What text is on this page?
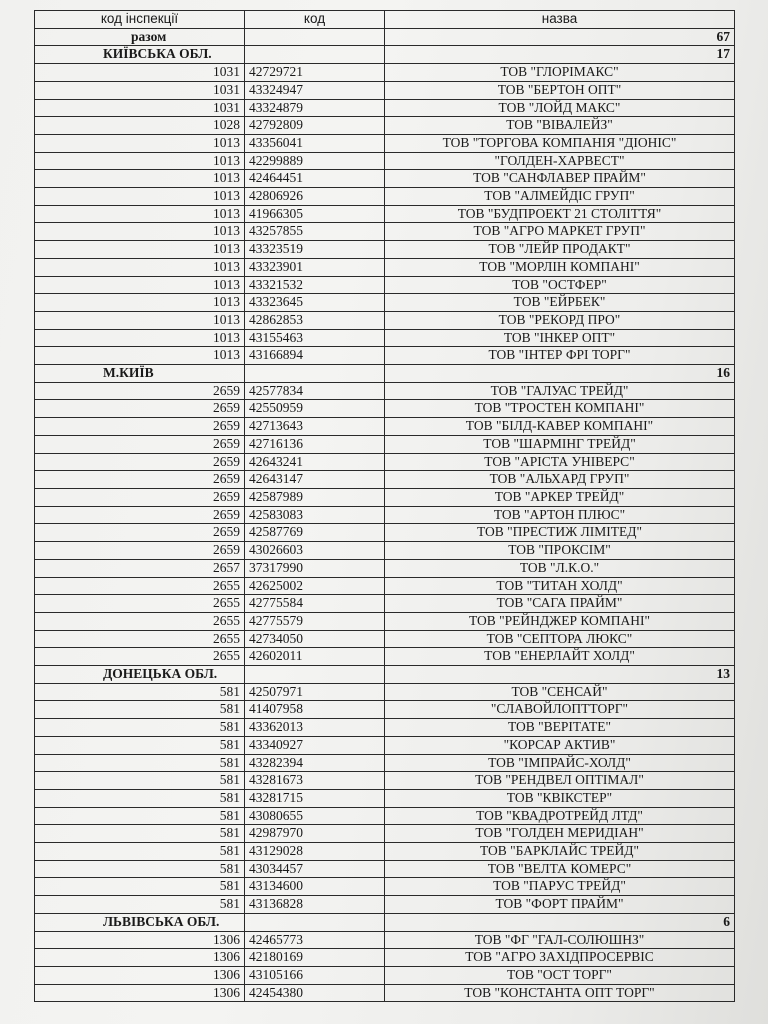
код інспекції	код	назва
разом		67
КИЇВСЬКА ОБЛ.		17
1031	42729721	ТОВ "ГЛОРІМАКС"
1031	43324947	ТОВ "БЕРТОН ОПТ"
1031	43324879	ТОВ "ЛОЙД МАКС"
1028	42792809	ТОВ "ВІВАЛЕЙЗ"
1013	43356041	ТОВ "ТОРГОВА КОМПАНІЯ "ДІОНІС"
1013	42299889	"ГОЛДЕН-ХАРВЕСТ"
1013	42464451	ТОВ "САНФЛАВЕР ПРАЙМ"
1013	42806926	ТОВ "АЛМЕЙДІС ГРУП"
1013	41966305	ТОВ "БУДПРОЕКТ 21 СТОЛІТТЯ"
1013	43257855	ТОВ "АГРО МАРКЕТ ГРУП"
1013	43323519	ТОВ "ЛЕЙР ПРОДАКТ"
1013	43323901	ТОВ "МОРЛІН КОМПАНІ"
1013	43321532	ТОВ "ОСТФЕР"
1013	43323645	ТОВ "ЕЙРБЕК"
1013	42862853	ТОВ "РЕКОРД ПРО"
1013	43155463	ТОВ "ІНКЕР ОПТ"
1013	43166894	ТОВ "ІНТЕР ФРІ ТОРГ"
М.КИЇВ		16
2659	42577834	ТОВ "ГАЛУАС ТРЕЙД"
2659	42550959	ТОВ "ТРОСТЕН КОМПАНІ"
2659	42713643	ТОВ "БІЛД-КАВЕР КОМПАНІ"
2659	42716136	ТОВ "ШАРМІНГ ТРЕЙД"
2659	42643241	ТОВ "АРІСТА УНІВЕРС"
2659	42643147	ТОВ "АЛЬХАРД ГРУП"
2659	42587989	ТОВ "АРКЕР ТРЕЙД"
2659	42583083	ТОВ "АРТОН ПЛЮС"
2659	42587769	ТОВ "ПРЕСТИЖ ЛІМІТЕД"
2659	43026603	ТОВ "ПРОКСІМ"
2657	37317990	ТОВ "Л.К.О."
2655	42625002	ТОВ "ТИТАН ХОЛД"
2655	42775584	ТОВ "САГА ПРАЙМ"
2655	42775579	ТОВ "РЕЙНДЖЕР КОМПАНІ"
2655	42734050	ТОВ "СЕПТОРА ЛЮКС"
2655	42602011	ТОВ "ЕНЕРЛАЙТ ХОЛД"
ДОНЕЦЬКА ОБЛ.		13
581	42507971	ТОВ "СЕНСАЙ"
581	41407958	"СЛАВОЙЛОПТТОРГ"
581	43362013	ТОВ "ВЕРІТАТЕ"
581	43340927	"КОРСАР АКТИВ"
581	43282394	ТОВ "ІМПРАЙС-ХОЛД"
581	43281673	ТОВ "РЕНДВЕЛ ОПТІМАЛ"
581	43281715	ТОВ "КВІКСТЕР"
581	43080655	ТОВ "КВАДРОТРЕЙД ЛТД"
581	42987970	ТОВ "ГОЛДЕН МЕРИДІАН"
581	43129028	ТОВ "БАРКЛАЙС ТРЕЙД"
581	43034457	ТОВ "ВЕЛТА КОМЕРС"
581	43134600	ТОВ "ПАРУС ТРЕЙД"
581	43136828	ТОВ "ФОРТ ПРАЙМ"
ЛЬВІВСЬКА ОБЛ.		6
1306	42465773	ТОВ "ФГ "ГАЛ-СОЛЮШНЗ"
1306	42180169	ТОВ "АГРО ЗАХІДПРОСЕРВІС
1306	43105166	ТОВ "ОСТ ТОРГ"
1306	42454380	ТОВ "КОНСТАНТА ОПТ ТОРГ"
